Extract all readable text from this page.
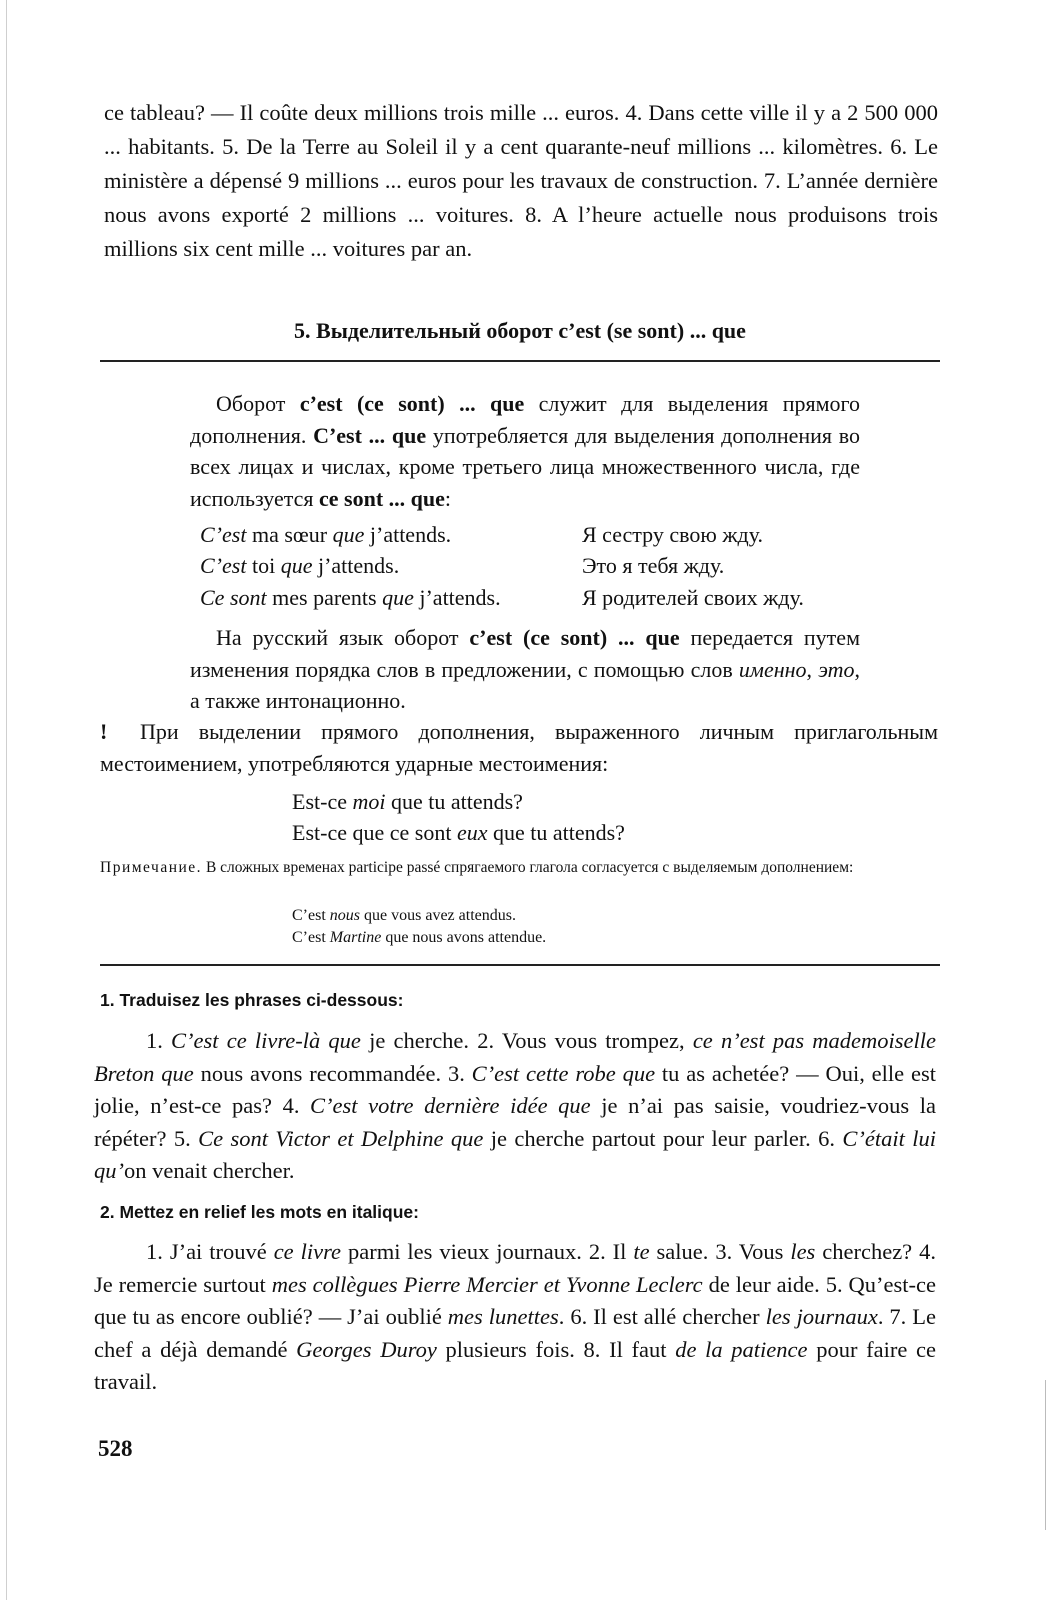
ce tableau? — Il coûte deux millions trois mille ... euros. 4. Dans cette ville il y a 2 500 000 ... habitants. 5. De la Terre au Soleil il y a cent quarante-neuf millions ... kilomètres. 6. Le ministère a dépensé 9 millions ... euros pour les travaux de construction. 7. L’année dernière nous avons exporté 2 millions ... voitures. 8. A l’heure actuelle nous produisons trois millions six cent mille ... voitures par an.

5. Выделительный оборот c’est (se sont) ... que

Оборот c’est (ce sont) ... que служит для выделения прямого дополнения. C’est ... que употребляется для выделения дополнения во всех лицах и числах, кроме третьего лица множественного числа, где используется ce sont ... que:

C’est ma sœur que j’attends.	Я сестру свою жду.
C’est toi que j’attends.	Это я тебя жду.
Ce sont mes parents que j’attends.	Я родителей своих жду.

На русский язык оборот c’est (ce sont) ... que передается путем изменения порядка слов в предложении, с помощью слов именно, это, а также интонационно.

! При выделении прямого дополнения, выраженного личным приглагольным местоимением, употребляются ударные местоимения:

Est-ce moi que tu attends?
Est-ce que ce sont eux que tu attends?

Примечание. В сложных временах participe passé спрягаемого глагола согласуется с выделяемым дополнением:

C’est nous que vous avez attendus.
C’est Martine que nous avons attendue.
1. Traduisez les phrases ci-dessous:

1. C’est ce livre-là que je cherche. 2. Vous vous trompez, ce n’est pas mademoiselle Breton que nous avons recommandée. 3. C’est cette robe que tu as achetée? — Oui, elle est jolie, n’est-ce pas? 4. C’est votre dernière idée que je n’ai pas saisie, voudriez-vous la répéter? 5. Ce sont Victor et Delphine que je cherche partout pour leur parler. 6. C’était lui qu’on venait chercher.

2. Mettez en relief les mots en italique:

1. J’ai trouvé ce livre parmi les vieux journaux. 2. Il te salue. 3. Vous les cherchez? 4. Je remercie surtout mes collègues Pierre Mercier et Yvonne Leclerc de leur aide. 5. Qu’est-ce que tu as encore oublié? — J’ai oublié mes lunettes. 6. Il est allé chercher les journaux. 7. Le chef a déjà demandé Georges Duroy plusieurs fois. 8. Il faut de la patience pour faire ce travail.

528
